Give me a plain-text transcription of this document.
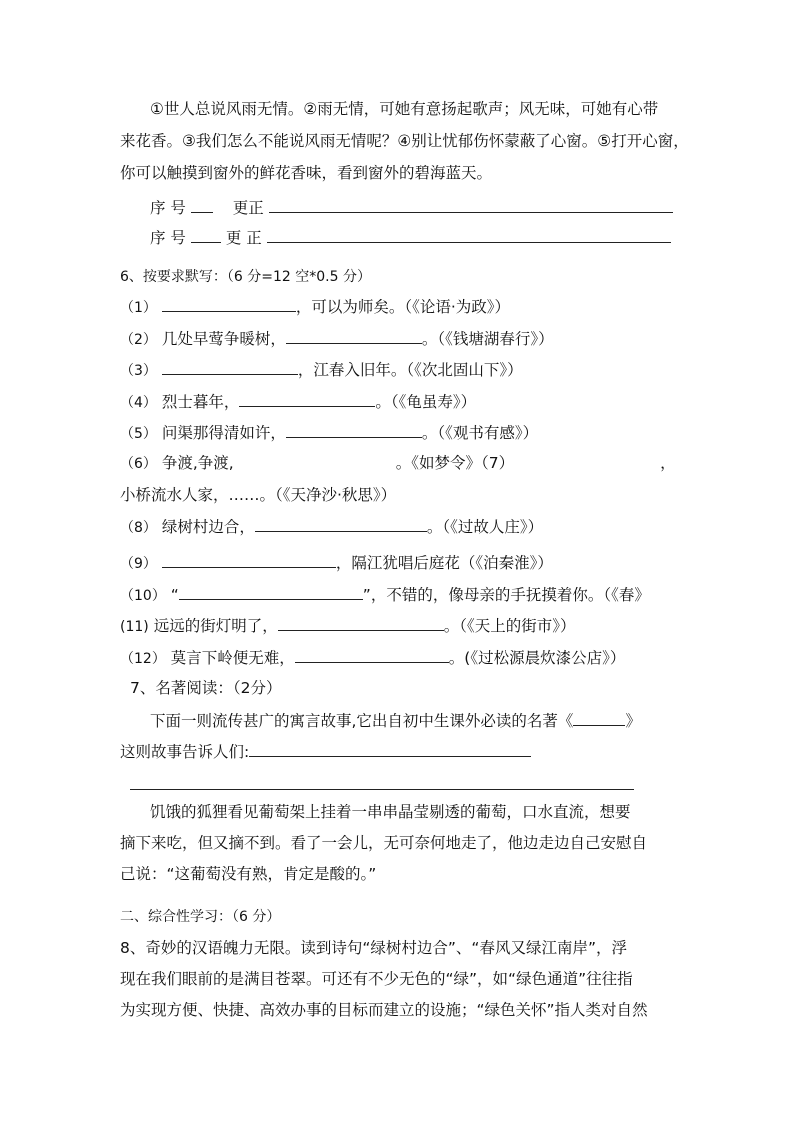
①世人总说风雨无情。②雨无情，可她有意扬起歌声；风无味，可她有心带
来花香。③我们怎么不能说风雨无情呢？④别让忧郁伤怀蒙蔽了心窗。⑤打开心窗，
你可以触摸到窗外的鲜花香味，看到窗外的碧海蓝天。
序 号	更正
序 号	更 正
6、按要求默写：（6 分=12 空*0.5 分）
（1）	，可以为师矣。（《论语·为政》）
（2） 几处早莺争暖树，	。（《钱塘湖春行》）
（3）	，江春入旧年。（《次北固山下》）
（4） 烈士暮年，	。（《龟虽寿》）
（5） 问渠那得清如许，	。（《观书有感》）
（6） 争渡,争渡,	。《如梦令》（7）	，
小桥流水人家，……。（《天净沙·秋思》）
（8） 绿树村边合，	。（《过故人庄》）
（9）	，隔江犹唱后庭花（《泊秦淮》）
（10） “	”，不错的，像母亲的手抚摸着你。（《春》
(11) 远远的街灯明了，	。（《天上的街市》）
（12） 莫言下岭便无难，	。(《过松源晨炊漆公店》）
7、名著阅读：（2分）
下面一则流传甚广的寓言故事,它出自初中生课外必读的名著《	》
这则故事告诉人们:
饥饿的狐狸看见葡萄架上挂着一串串晶莹剔透的葡萄，口水直流，想要
摘下来吃，但又摘不到。看了一会儿，无可奈何地走了，他边走边自己安慰自
己说：“这葡萄没有熟，肯定是酸的。”
二、综合性学习：（6 分）
8、奇妙的汉语魄力无限。读到诗句“绿树村边合”、“春风又绿江南岸”，浮
现在我们眼前的是满目苍翠。可还有不少无色的“绿”，如“绿色通道”往往指
为实现方便、快捷、高效办事的目标而建立的设施；“绿色关怀”指人类对自然
